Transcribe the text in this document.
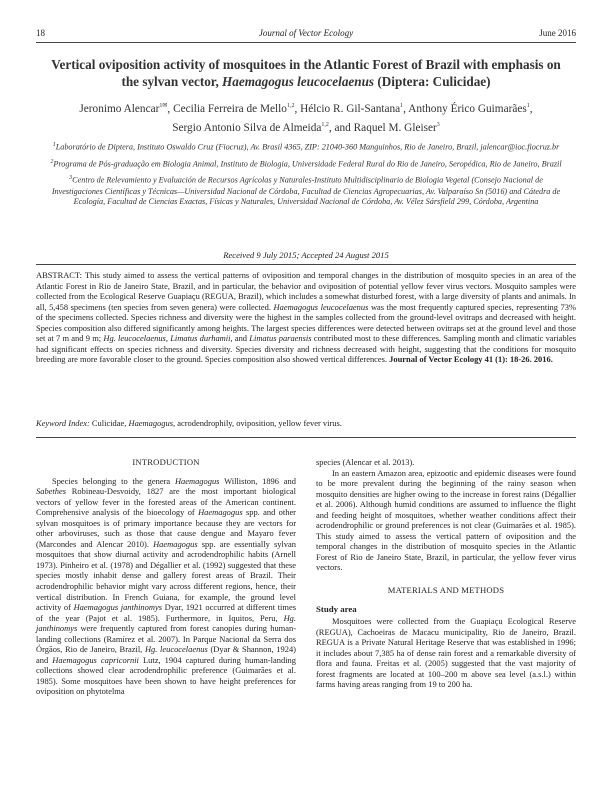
18	Journal of Vector Ecology	June 2016
Vertical oviposition activity of mosquitoes in the Atlantic Forest of Brazil with emphasis on
the sylvan vector, Haemagogus leucocelaenus (Diptera: Culicidae)
Jeronimo Alencar$^{1✉}$, Cecilia Ferreira de Mello$^{1,2}$, Hélcio R. Gil-Santana$^1$, Anthony Érico Guimarães$^1$,
Sergio Antonio Silva de Almeida$^{1,2}$, and Raquel M. Gleiser$^3$
$^1$Laboratório de Diptera, Instituto Oswaldo Cruz (Fiocruz), Av. Brasil 4365, ZIP: 21040-360 Manguinhos, Rio de Janeiro, Brazil, jalencar@ioc.fiocruz.br
$^2$Programa de Pós-graduação em Biologia Animal, Instituto de Biologia, Universidade Federal Rural do Rio de Janeiro, Seropédica, Rio de Janeiro, Brazil
$^3$Centro de Relevamiento y Evaluación de Recursos Agrícolas y Naturales-Instituto Multidisciplinario de Biologia Vegetal (Consejo Nacional de Investigaciones Científicas y Técnicas—Universidad Nacional de Córdoba, Facultad de Ciencias Agropecuarias, Av. Valparaíso Sn (5016) and Cátedra de Ecología, Facultad de Ciencias Exactas, Físicas y Naturales, Universidad Nacional de Córdoba, Av. Vélez Sársfield 299, Córdoba, Argentina
Received 9 July 2015; Accepted 24 August 2015
ABSTRACT: This study aimed to assess the vertical patterns of oviposition and temporal changes in the distribution of mosquito species in an area of the Atlantic Forest in Rio de Janeiro State, Brazil, and in particular, the behavior and oviposition of potential yellow fever virus vectors. Mosquito samples were collected from the Ecological Reserve Guapiaçu (REGUA, Brazil), which includes a somewhat disturbed forest, with a large diversity of plants and animals. In all, 5,458 specimens (ten species from seven genera) were collected. Haemagogus leucocelaenus was the most frequently captured species, representing 73% of the specimens collected. Species richness and diversity were the highest in the samples collected from the ground-level ovitraps and decreased with height. Species composition also differed significantly among heights. The largest species differences were detected between ovitraps set at the ground level and those set at 7 m and 9 m; Hg. leucocelaenus, Limatus durhamii, and Limatus paraensis contributed most to these differences. Sampling month and climatic variables had significant effects on species richness and diversity. Species diversity and richness decreased with height, suggesting that the conditions for mosquito breeding are more favorable closer to the ground. Species composition also showed vertical differences. Journal of Vector Ecology 41 (1): 18-26. 2016.
Keyword Index: Culicidae, Haemagogus, acrodendrophily, oviposition, yellow fever virus.
INTRODUCTION

Species belonging to the genera Haemagogus Williston, 1896 and Sabethes Robineau-Desvoidy, 1827 are the most important biological vectors of yellow fever in the forested areas of the American continent. Comprehensive analysis of the bioecology of Haemagogus spp. and other sylvan mosquitoes is of primary importance because they are vectors for other arboviruses, such as those that cause dengue and Mayaro fever (Marcondes and Alencar 2010). Haemagogus spp. are essentially sylvan mosquitoes that show diurnal activity and acrodendrophilic habits (Arnell 1973). Pinheiro et al. (1978) and Dégallier et al. (1992) suggested that these species mostly inhabit dense and gallery forest areas of Brazil. Their acrodendrophilic behavior might vary across different regions, hence, their vertical distribution. In French Guiana, for example, the ground level activity of Haemagogus janthinomys Dyar, 1921 occurred at different times of the year (Pajot et al. 1985). Furthermore, in Iquitos, Peru, Hg. janthinomys were frequently captured from forest canopies during human-landing collections (Ramírez et al. 2007). In Parque Nacional da Serra dos Órgãos, Rio de Janeiro, Brazil, Hg. leucocelaenus (Dyar & Shannon, 1924) and Haemagogus capricornii Lutz, 1904 captured during human-landing collections showed clear acrodendrophilic preference (Guimarães et al. 1985). Some mosquitoes have been shown to have height preferences for oviposition on phytotelma

species (Alencar et al. 2013).

In an eastern Amazon area, epizootic and epidemic diseases were found to be more prevalent during the beginning of the rainy season when mosquito densities are higher owing to the increase in forest rains (Dégallier et al. 2006). Although humid conditions are assumed to influence the flight and feeding height of mosquitoes, whether weather conditions affect their acrodendrophilic or ground preferences is not clear (Guimarães et al. 1985). This study aimed to assess the vertical pattern of oviposition and the temporal changes in the distribution of mosquito species in the Atlantic Forest of Rio de Janeiro State, Brazil, in particular, the yellow fever virus vectors.

MATERIALS AND METHODS
Study area

Mosquitoes were collected from the Guapiaçu Ecological Reserve (REGUA), Cachoeiras de Macacu municipality, Rio de Janeiro, Brazil. REGUA is a Private Natural Heritage Reserve that was established in 1996; it includes about 7,385 ha of dense rain forest and a remarkable diversity of flora and fauna. Freitas et al. (2005) suggested that the vast majority of forest fragments are located at 100–200 m above sea level (a.s.l.) within farms having areas ranging from 19 to 200 ha.
